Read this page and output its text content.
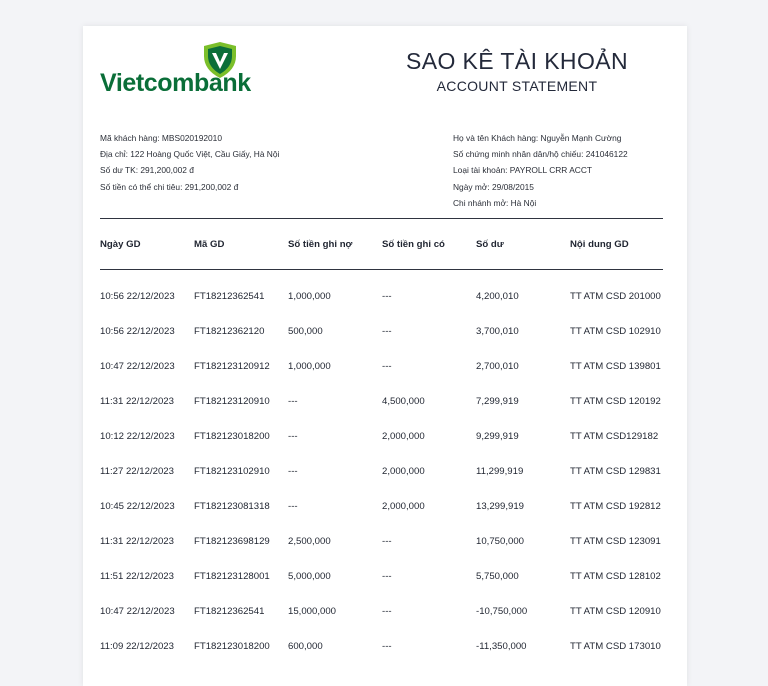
Vietcombank
SAO KÊ TÀI KHOẢN
ACCOUNT STATEMENT
Mã khách hàng: MBS020192010
Địa chỉ: 122 Hoàng Quốc Việt, Cầu Giấy, Hà Nội
Số dư TK: 291,200,002 đ
Số tiền có thể chi tiêu: 291,200,002 đ
Họ và tên Khách hàng: Nguyễn Mạnh Cường
Số chứng minh nhân dân/hộ chiếu: 241046122
Loại tài khoản: PAYROLL CRR ACCT
Ngày mở: 29/08/2015
Chi nhánh mở: Hà Nội
Ngày GD	Mã GD	Số tiền ghi nợ	Số tiền ghi có	Số dư	Nội dung GD
10:56 22/12/2023 FT18212362541 1,000,000	---	4,200,010	TT ATM CSD 201000
10:56 22/12/2023 FT18212362120 500,000	---	3,700,010	TT ATM CSD 102910
10:47 22/12/2023 FT182123120912 1,000,000	---	2,700,010	TT ATM CSD 139801
11:31 22/12/2023 FT182123120910 ---	4,500,000	7,299,919	TT ATM CSD 120192
10:12 22/12/2023 FT182123018200 ---	2,000,000	9,299,919	TT ATM CSD129182
11:27 22/12/2023 FT182123102910 ---	2,000,000	11,299,919	TT ATM CSD 129831
10:45 22/12/2023 FT182123081318 ---	2,000,000	13,299,919	TT ATM CSD 192812
11:31 22/12/2023 FT182123698129 2,500,000	---	10,750,000	TT ATM CSD 123091
11:51 22/12/2023 FT182123128001 5,000,000	---	5,750,000	TT ATM CSD 128102
10:47 22/12/2023 FT18212362541 15,000,000	---	-10,750,000	TT ATM CSD 120910
11:09 22/12/2023 FT182123018200 600,000	---	-11,350,000	TT ATM CSD 173010
